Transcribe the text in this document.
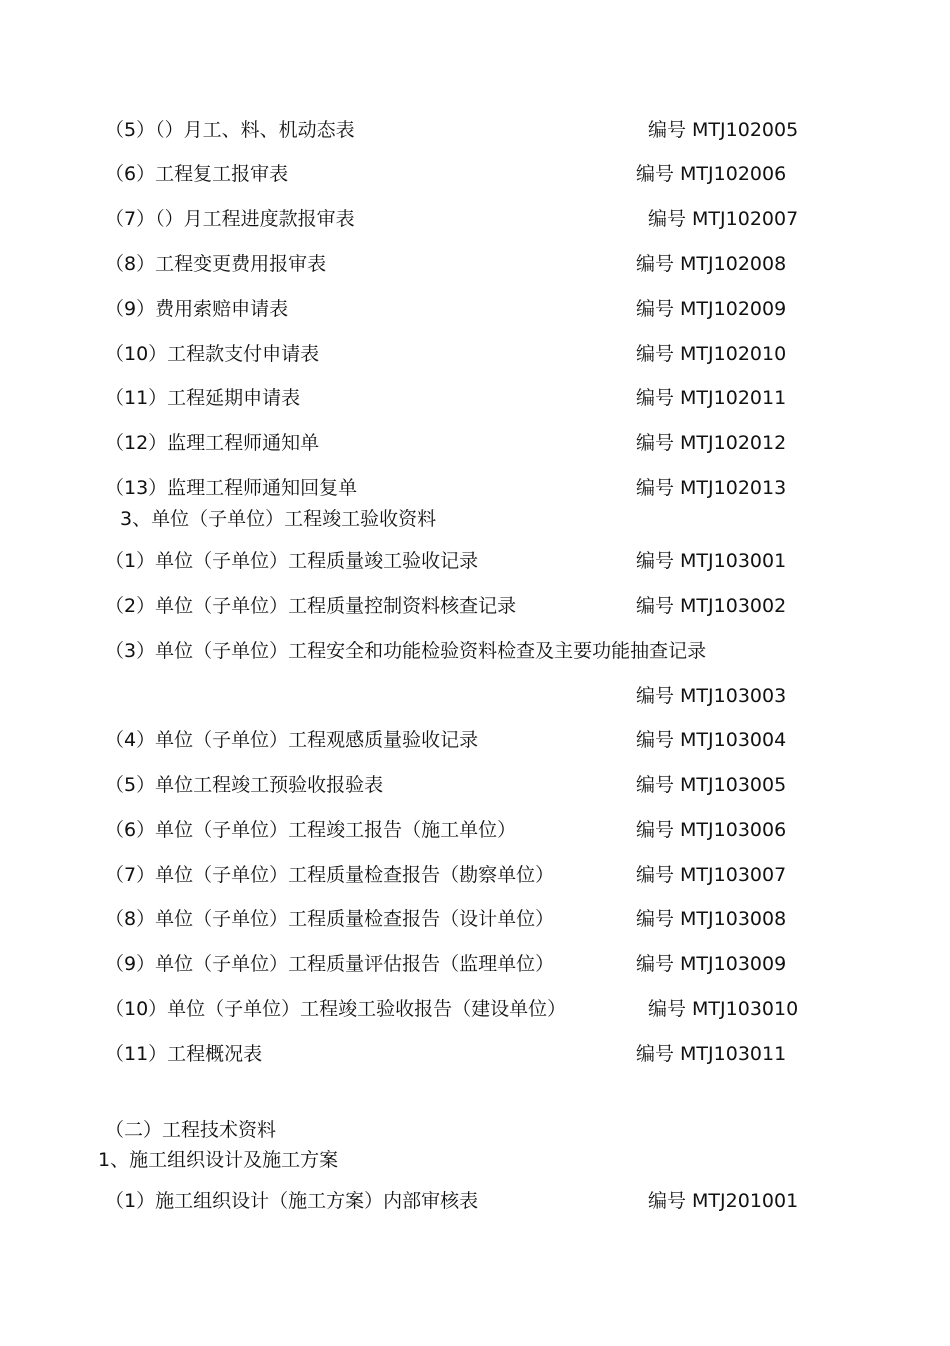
（5）（）月工、料、机动态表	编号 MTJ102005
（6）工程复工报审表	编号 MTJ102006
（7）（）月工程进度款报审表	编号 MTJ102007
（8）工程变更费用报审表	编号 MTJ102008
（9）费用索赔申请表	编号 MTJ102009
（10）工程款支付申请表	编号 MTJ102010
（11）工程延期申请表	编号 MTJ102011
（12）监理工程师通知单	编号 MTJ102012
（13）监理工程师通知回复单	编号 MTJ102013
3、单位（子单位）工程竣工验收资料
（1）单位（子单位）工程质量竣工验收记录	编号 MTJ103001
（2）单位（子单位）工程质量控制资料核查记录	编号 MTJ103002
（3）单位（子单位）工程安全和功能检验资料检查及主要功能抽查记录
编号 MTJ103003
（4）单位（子单位）工程观感质量验收记录	编号 MTJ103004
（5）单位工程竣工预验收报验表	编号 MTJ103005
（6）单位（子单位）工程竣工报告（施工单位）	编号 MTJ103006
（7）单位（子单位）工程质量检查报告（勘察单位）	编号 MTJ103007
（8）单位（子单位）工程质量检查报告（设计单位）	编号 MTJ103008
（9）单位（子单位）工程质量评估报告（监理单位）	编号 MTJ103009
（10）单位（子单位）工程竣工验收报告（建设单位）	编号 MTJ103010
（11）工程概况表	编号 MTJ103011
（二）工程技术资料
1、施工组织设计及施工方案
（1）施工组织设计（施工方案）内部审核表	编号 MTJ201001
